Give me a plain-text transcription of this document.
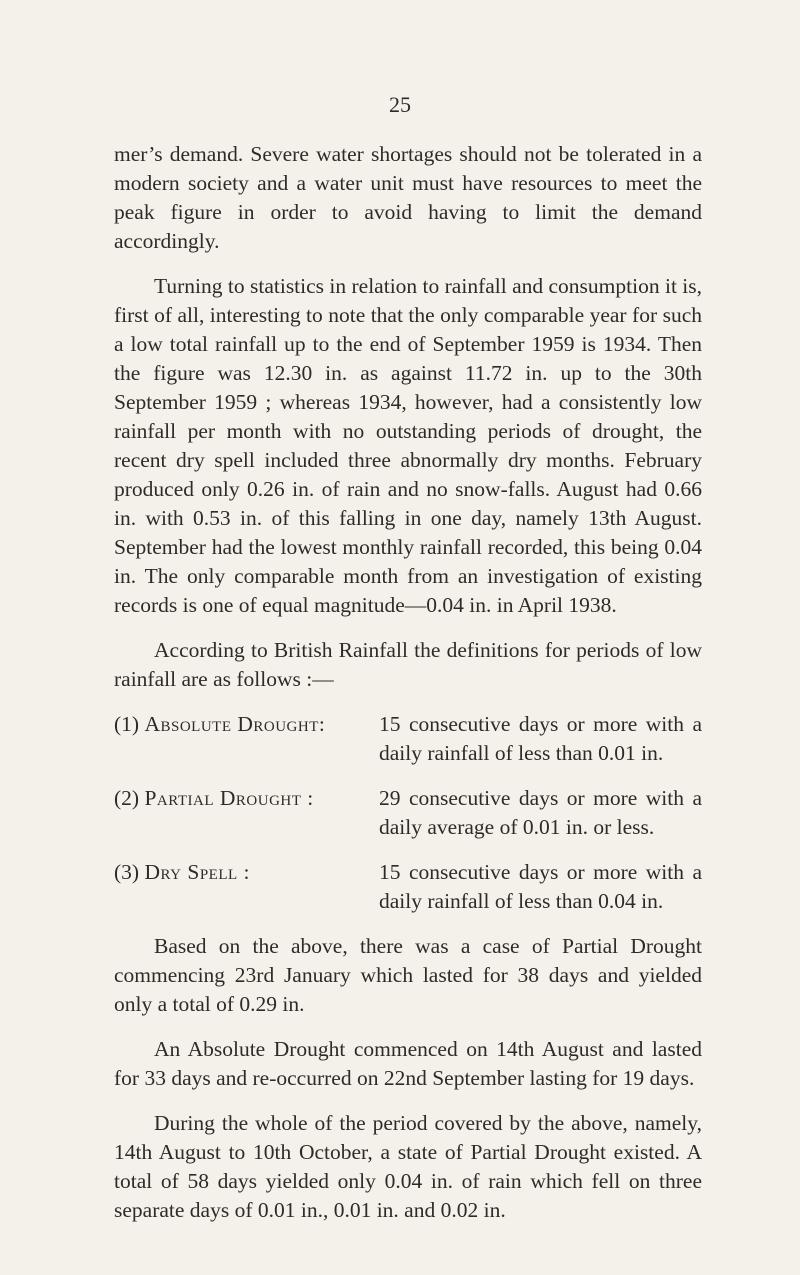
25

mer’s demand. Severe water shortages should not be tolerated in a modern society and a water unit must have resources to meet the peak figure in order to avoid having to limit the demand accordingly.

Turning to statistics in relation to rainfall and consumption it is, first of all, interesting to note that the only comparable year for such a low total rainfall up to the end of September 1959 is 1934. Then the figure was 12.30 in. as against 11.72 in. up to the 30th September 1959 ; whereas 1934, however, had a consistently low rainfall per month with no outstanding periods of drought, the recent dry spell included three abnormally dry months. February produced only 0.26 in. of rain and no snow-falls. August had 0.66 in. with 0.53 in. of this falling in one day, namely 13th August. September had the lowest monthly rainfall recorded, this being 0.04 in. The only comparable month from an investigation of existing records is one of equal magnitude—0.04 in. in April 1938.

According to British Rainfall the definitions for periods of low rainfall are as follows :—

(1) Absolute Drought:	15 consecutive days or more with a daily rainfall of less than 0.01 in.
(2) Partial Drought :	29 consecutive days or more with a daily average of 0.01 in. or less.
(3) Dry Spell :	15 consecutive days or more with a daily rainfall of less than 0.04 in.

Based on the above, there was a case of Partial Drought commencing 23rd January which lasted for 38 days and yielded only a total of 0.29 in.

An Absolute Drought commenced on 14th August and lasted for 33 days and re-occurred on 22nd September lasting for 19 days.

During the whole of the period covered by the above, namely, 14th August to 10th October, a state of Partial Drought existed. A total of 58 days yielded only 0.04 in. of rain which fell on three separate days of 0.01 in., 0.01 in. and 0.02 in.
